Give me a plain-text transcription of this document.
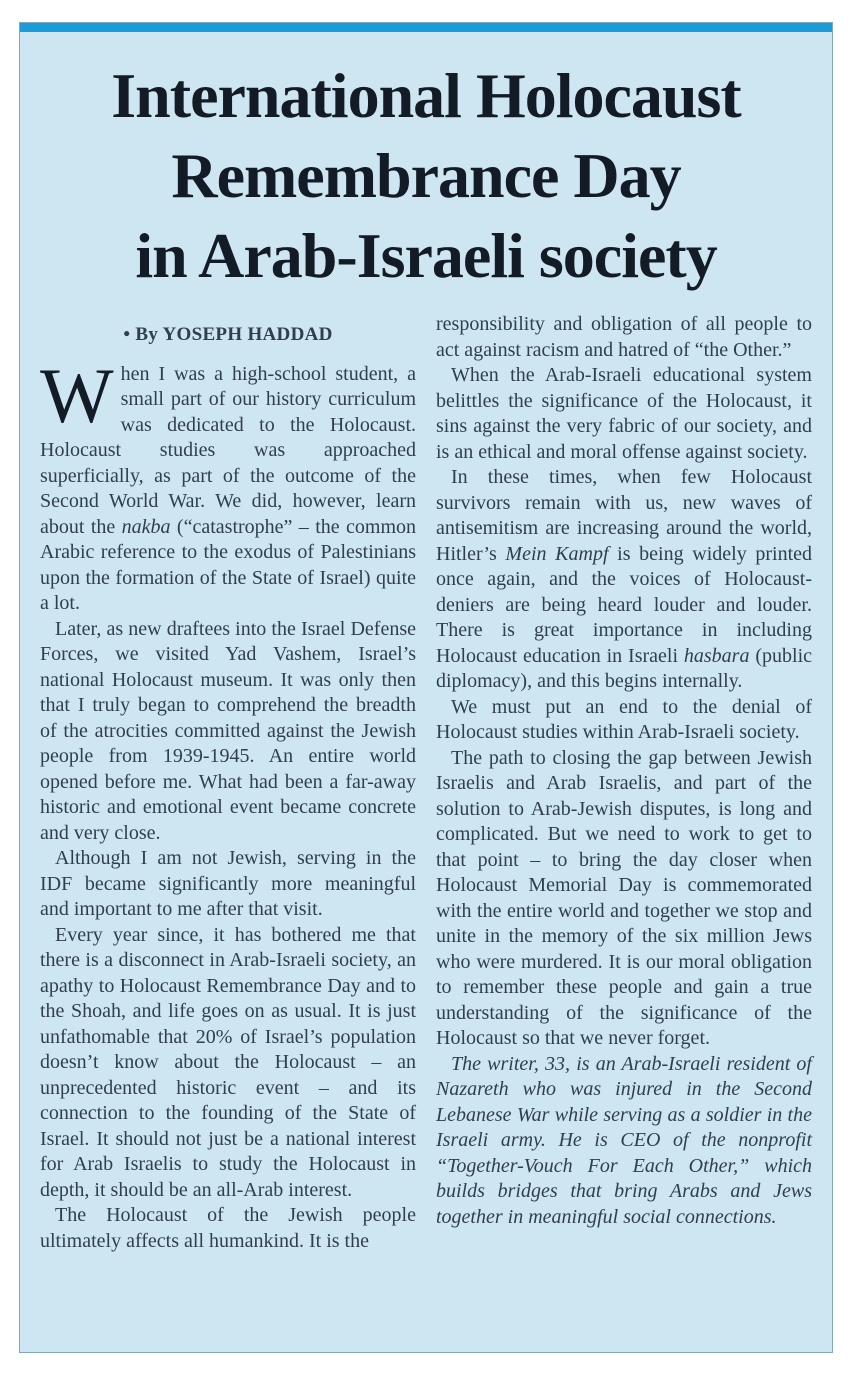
International Holocaust
Remembrance Day
in Arab-Israeli society
• By YOSEPH HADDAD

When I was a high-school student, a small part of our history curriculum was dedicated to the Holocaust. Holocaust studies was approached superficially, as part of the outcome of the Second World War. We did, however, learn about the nakba (“catastrophe” – the common Arabic reference to the exodus of Palestinians upon the formation of the State of Israel) quite a lot.

Later, as new draftees into the Israel Defense Forces, we visited Yad Vashem, Israel’s national Holocaust museum. It was only then that I truly began to comprehend the breadth of the atrocities committed against the Jewish people from 1939-1945. An entire world opened before me. What had been a far-away historic and emotional event became concrete and very close.

Although I am not Jewish, serving in the IDF became significantly more meaningful and important to me after that visit.

Every year since, it has bothered me that there is a disconnect in Arab-Israeli society, an apathy to Holocaust Remembrance Day and to the Shoah, and life goes on as usual. It is just unfathomable that 20% of Israel’s population doesn’t know about the Holocaust – an unprecedented historic event – and its connection to the founding of the State of Israel. It should not just be a national interest for Arab Israelis to study the Holocaust in depth, it should be an all-Arab interest.

The Holocaust of the Jewish people ultimately affects all humankind. It is the

responsibility and obligation of all people to act against racism and hatred of “the Other.”

When the Arab-Israeli educational system belittles the significance of the Holocaust, it sins against the very fabric of our society, and is an ethical and moral offense against society.

In these times, when few Holocaust survivors remain with us, new waves of antisemitism are increasing around the world, Hitler’s Mein Kampf is being widely printed once again, and the voices of Holocaust-deniers are being heard louder and louder. There is great importance in including Holocaust education in Israeli hasbara (public diplomacy), and this begins internally.

We must put an end to the denial of Holocaust studies within Arab-Israeli society.

The path to closing the gap between Jewish Israelis and Arab Israelis, and part of the solution to Arab-Jewish disputes, is long and complicated. But we need to work to get to that point – to bring the day closer when Holocaust Memorial Day is commemorated with the entire world and together we stop and unite in the memory of the six million Jews who were murdered. It is our moral obligation to remember these people and gain a true understanding of the significance of the Holocaust so that we never forget.

The writer, 33, is an Arab-Israeli resident of Nazareth who was injured in the Second Lebanese War while serving as a soldier in the Israeli army. He is CEO of the nonprofit “Together-Vouch For Each Other,” which builds bridges that bring Arabs and Jews together in meaningful social connections.
